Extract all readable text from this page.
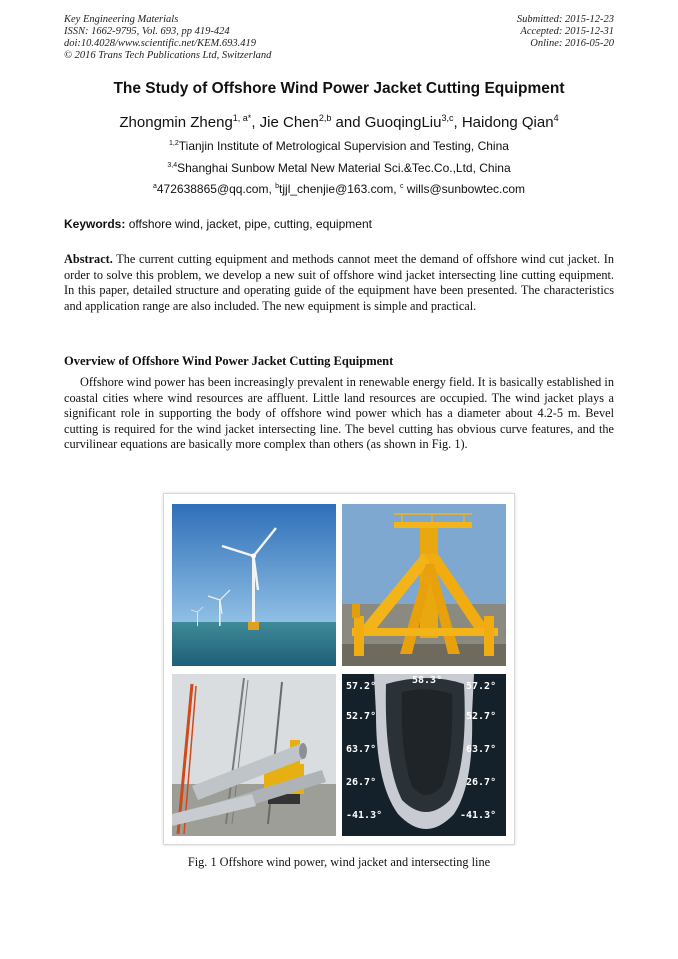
Key Engineering Materials
ISSN: 1662-9795, Vol. 693, pp 419-424
doi:10.4028/www.scientific.net/KEM.693.419
© 2016 Trans Tech Publications Ltd, Switzerland
Submitted: 2015-12-23
Accepted: 2015-12-31
Online: 2016-05-20
The Study of Offshore Wind Power Jacket Cutting Equipment
Zhongmin Zheng$^{1, a*}$, Jie Chen$^{2,b}$ and GuoqingLiu$^{3,c}$, Haidong Qian$^4$
$^{1,2}$Tianjin Institute of Metrological Supervision and Testing, China
$^{3,4}$Shanghai Sunbow Metal New Material Sci.&Tec.Co.,Ltd, China
$^a$472638865@qq.com, $^b$tjjl_chenjie@163.com, $^c$ wills@sunbowtec.com
Keywords: offshore wind, jacket, pipe, cutting, equipment

Abstract. The current cutting equipment and methods cannot meet the demand of offshore wind cut jacket. In order to solve this problem, we develop a new suit of offshore wind jacket intersecting line cutting equipment. In this paper, detailed structure and operating guide of the equipment have been presented. The characteristics and application range are also included. The new equipment is simple and practical.

Overview of Offshore Wind Power Jacket Cutting Equipment

Offshore wind power has been increasingly prevalent in renewable energy field. It is basically established in coastal cities where wind resources are affluent. Little land resources are occupied. The wind jacket plays a significant role in supporting the body of offshore wind power which has a diameter about 4.2-5 m. Bevel cutting is required for the wind jacket intersecting line. The bevel cutting has obvious curve features, and the curvilinear equations are basically more complex than others (as shown in Fig. 1).

58.3°
57.2°
52.7°
63.7°
26.7°
-41.3°
57.2°
52.7°
63.7°
26.7°
-41.3°
Fig. 1 Offshore wind power, wind jacket and intersecting line
